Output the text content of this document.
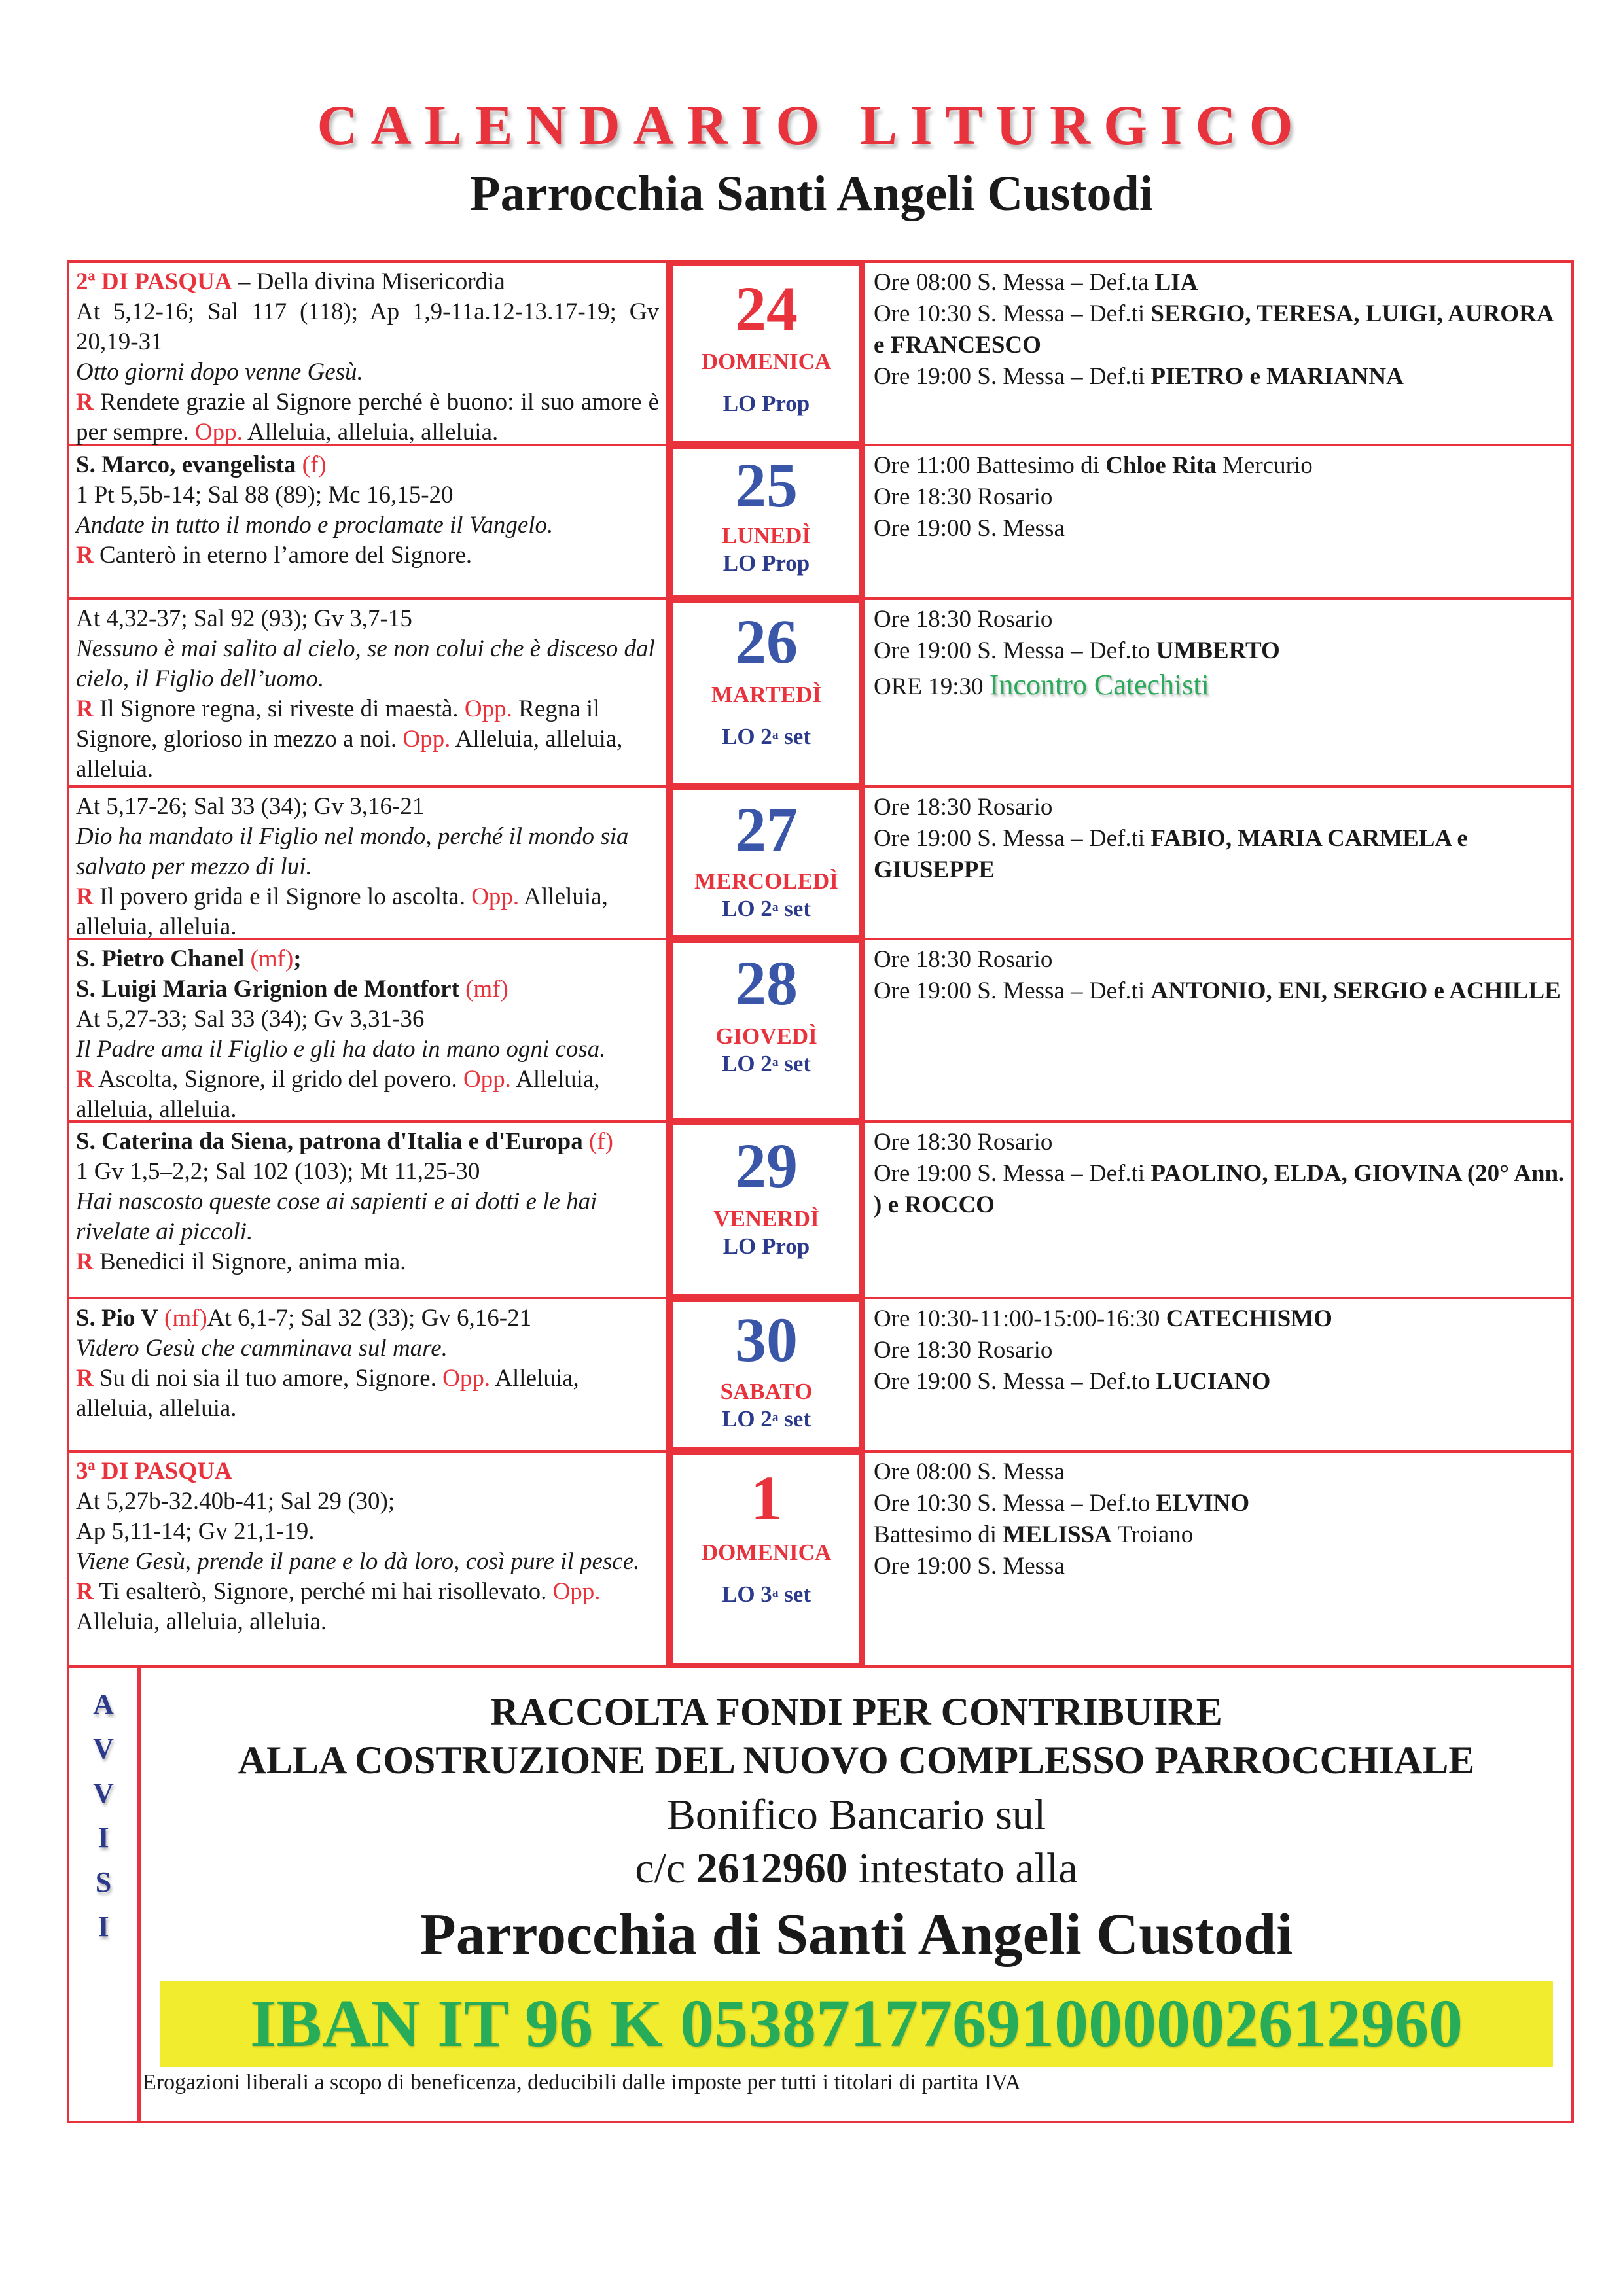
CALENDARIO LITURGICO
Parrocchia Santi Angeli Custodi
2ª DI PASQUA – Della divina Misericordia
At 5,12-16; Sal 117 (118); Ap 1,9-11a.12-13.17-19; Gv 20,19-31
Otto giorni dopo venne Gesù.
R Rendete grazie al Signore perché è buono: il suo amore è per sempre. Opp. Alleluia, alleluia, alleluia.
24
DOMENICA
LO Prop
Ore 08:00 S. Messa – Def.ta LIA
Ore 10:30 S. Messa – Def.ti SERGIO, TERESA, LUIGI, AURORA e FRANCESCO
Ore 19:00 S. Messa – Def.ti PIETRO e MARIANNA
S. Marco, evangelista (f)
1 Pt 5,5b-14; Sal 88 (89); Mc 16,15-20
Andate in tutto il mondo e proclamate il Vangelo.
R Canterò in eterno l’amore del Signore.
25
LUNEDÌ
LO Prop
Ore 11:00 Battesimo di Chloe Rita Mercurio
Ore 18:30 Rosario
Ore 19:00 S. Messa
At 4,32-37; Sal 92 (93); Gv 3,7-15
Nessuno è mai salito al cielo, se non colui che è disceso dal cielo, il Figlio dell’uomo.
R Il Signore regna, si riveste di maestà. Opp. Regna il Signore, glorioso in mezzo a noi. Opp. Alleluia, alleluia, alleluia.
26
MARTEDÌ
LO 2$^a$ set
Ore 18:30 Rosario
Ore 19:00 S. Messa – Def.to UMBERTO
ORE 19:30 Incontro Catechisti
At 5,17-26; Sal 33 (34); Gv 3,16-21
Dio ha mandato il Figlio nel mondo, perché il mondo sia salvato per mezzo di lui.
R Il povero grida e il Signore lo ascolta. Opp. Alleluia, alleluia, alleluia.
27
MERCOLEDÌ
LO 2$^a$ set
Ore 18:30 Rosario
Ore 19:00 S. Messa – Def.ti FABIO, MARIA CARMELA e GIUSEPPE
S. Pietro Chanel (mf);
S. Luigi Maria Grignion de Montfort (mf)
At 5,27-33; Sal 33 (34); Gv 3,31-36
Il Padre ama il Figlio e gli ha dato in mano ogni cosa.
R Ascolta, Signore, il grido del povero. Opp. Alleluia, alleluia, alleluia.
28
GIOVEDÌ
LO 2$^a$ set
Ore 18:30 Rosario
Ore 19:00 S. Messa – Def.ti ANTONIO, ENI, SERGIO e ACHILLE
S. Caterina da Siena, patrona d'Italia e d'Europa (f)
1 Gv 1,5–2,2; Sal 102 (103); Mt 11,25-30
Hai nascosto queste cose ai sapienti e ai dotti e le hai rivelate ai piccoli.
R Benedici il Signore, anima mia.
29
VENERDÌ
LO Prop
Ore 18:30 Rosario
Ore 19:00 S. Messa – Def.ti PAOLINO, ELDA, GIOVINA (20° Ann. ) e ROCCO
S. Pio V (mf)At 6,1-7; Sal 32 (33); Gv 6,16-21
Videro Gesù che camminava sul mare.
R Su di noi sia il tuo amore, Signore. Opp. Alleluia, alleluia, alleluia.
30
SABATO
LO 2$^a$ set
Ore 10:30-11:00-15:00-16:30 CATECHISMO
Ore 18:30 Rosario
Ore 19:00 S. Messa – Def.to LUCIANO
3ª DI PASQUA
At 5,27b-32.40b-41; Sal 29 (30);
Ap 5,11-14; Gv 21,1-19.
Viene Gesù, prende il pane e lo dà loro, così pure il pesce.
R Ti esalterò, Signore, perché mi hai risollevato. Opp. Alleluia, alleluia, alleluia.
1
DOMENICA
LO 3$^a$ set
Ore 08:00 S. Messa
Ore 10:30 S. Messa – Def.to ELVINO
Battesimo di MELISSA Troiano
Ore 19:00 S. Messa
A
V
V
I
S
I
RACCOLTA FONDI PER CONTRIBUIRE
ALLA COSTRUZIONE DEL NUOVO COMPLESSO PARROCCHIALE
Bonifico Bancario sul
c/c 2612960 intestato alla
Parrocchia di Santi Angeli Custodi
IBAN IT 96 K 05387177691000002612960
Erogazioni liberali a scopo di beneficenza, deducibili dalle imposte per tutti i titolari di partita IVA
